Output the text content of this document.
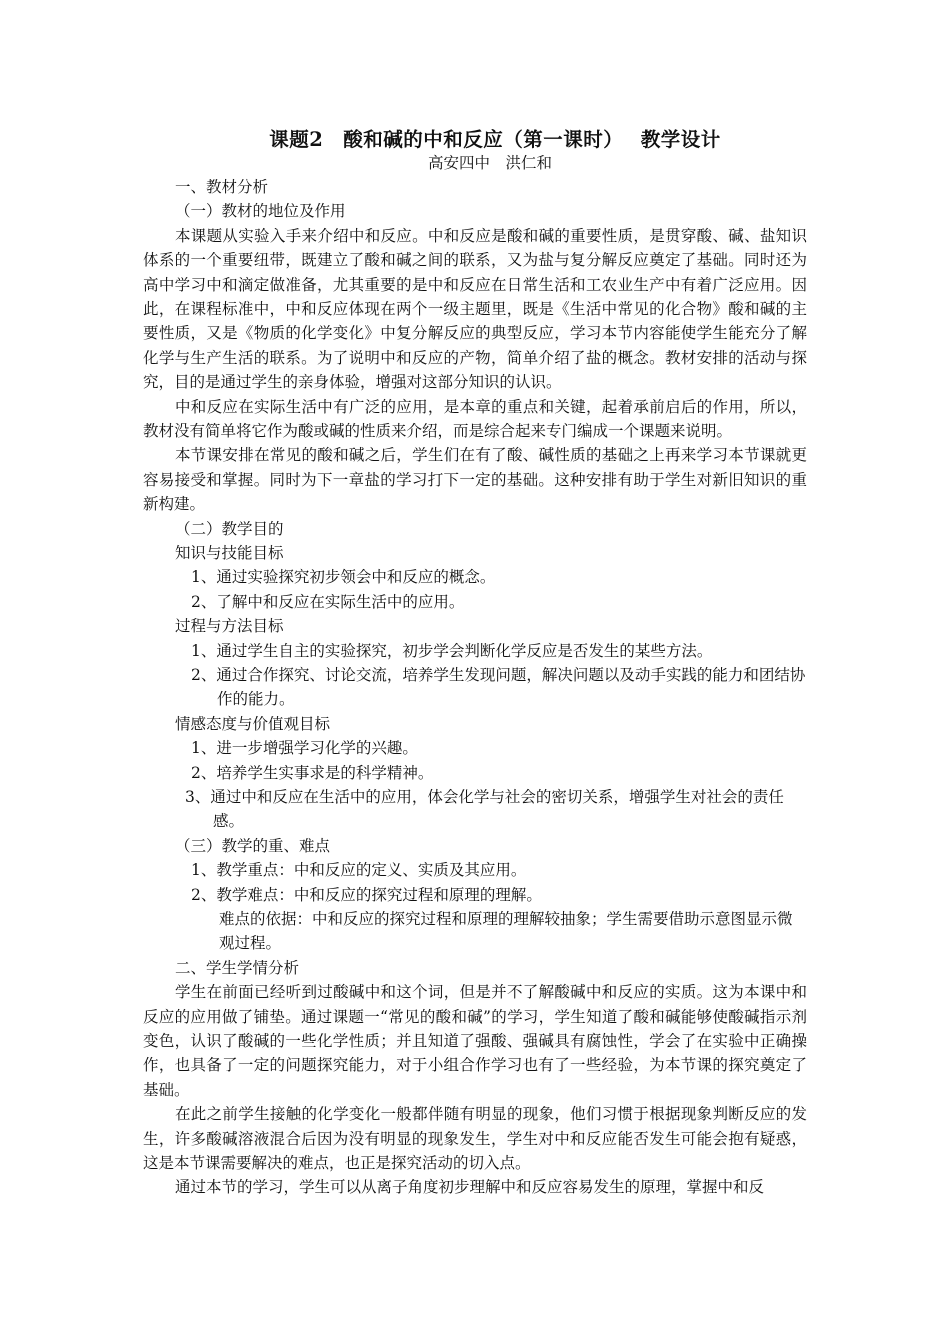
课题2　酸和碱的中和反应（第一课时）　 教学设计
高安四中　洪仁和
一、教材分析
（一）教材的地位及作用

本课题从实验入手来介绍中和反应。中和反应是酸和碱的重要性质，是贯穿酸、碱、盐知识体系的一个重要纽带，既建立了酸和碱之间的联系，又为盐与复分解反应奠定了基础。同时还为高中学习中和滴定做准备，尤其重要的是中和反应在日常生活和工农业生产中有着广泛应用。因此，在课程标准中，中和反应体现在两个一级主题里，既是《生活中常见的化合物》酸和碱的主要性质，又是《物质的化学变化》中复分解反应的典型反应，学习本节内容能使学生能充分了解化学与生产生活的联系。为了说明中和反应的产物，简单介绍了盐的概念。教材安排的活动与探究，目的是通过学生的亲身体验，增强对这部分知识的认识。

中和反应在实际生活中有广泛的应用，是本章的重点和关键，起着承前启后的作用，所以，教材没有简单将它作为酸或碱的性质来介绍，而是综合起来专门编成一个课题来说明。

本节课安排在常见的酸和碱之后，学生们在有了酸、碱性质的基础之上再来学习本节课就更容易接受和掌握。同时为下一章盐的学习打下一定的基础。这种安排有助于学生对新旧知识的重新构建。

（二）教学目的
知识与技能目标
1、通过实验探究初步领会中和反应的概念。
2、了解中和反应在实际生活中的应用。
过程与方法目标
1、通过学生自主的实验探究，初步学会判断化学反应是否发生的某些方法。

2、通过合作探究、讨论交流，培养学生发现问题，解决问题以及动手实践的能力和团结协作的能力。

情感态度与价值观目标
1、进一步增强学习化学的兴趣。
2、培养学生实事求是的科学精神。

3、通过中和反应在生活中的应用，体会化学与社会的密切关系，增强学生对社会的责任感。

（三）教学的重、难点
1、教学重点：中和反应的定义、实质及其应用。
2、教学难点：中和反应的探究过程和原理的理解。

难点的依据：中和反应的探究过程和原理的理解较抽象；学生需要借助示意图显示微观过程。

二、学生学情分析

学生在前面已经听到过酸碱中和这个词，但是并不了解酸碱中和反应的实质。这为本课中和反应的应用做了铺垫。通过课题一“常见的酸和碱”的学习，学生知道了酸和碱能够使酸碱指示剂变色，认识了酸碱的一些化学性质；并且知道了强酸、强碱具有腐蚀性，学会了在实验中正确操作，也具备了一定的问题探究能力，对于小组合作学习也有了一些经验，为本节课的探究奠定了基础。

在此之前学生接触的化学变化一般都伴随有明显的现象，他们习惯于根据现象判断反应的发生，许多酸碱溶液混合后因为没有明显的现象发生，学生对中和反应能否发生可能会抱有疑惑，这是本节课需要解决的难点，也正是探究活动的切入点。

通过本节的学习，学生可以从离子角度初步理解中和反应容易发生的原理，掌握中和反
